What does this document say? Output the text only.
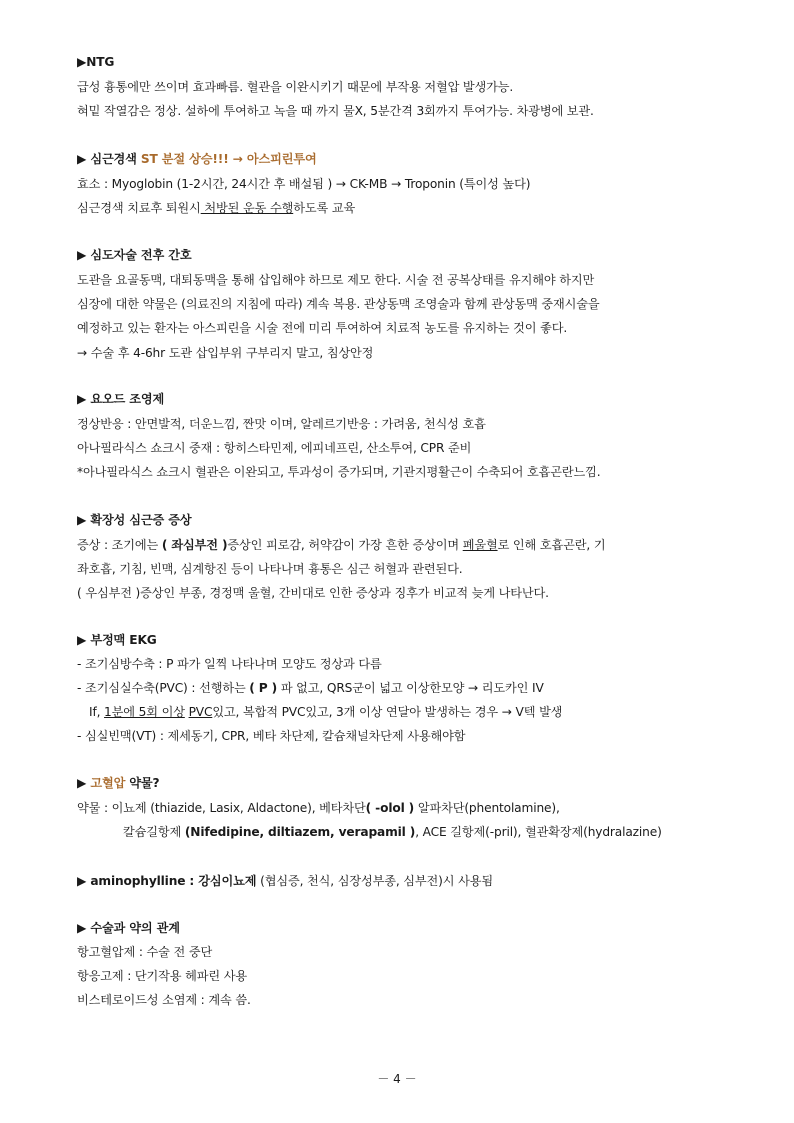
▶NTG
급성 흉통에만 쓰이며 효과빠름. 혈관을 이완시키기 때문에 부작용 저혈압 발생가능.
혀밑 작열감은 정상. 설하에 투여하고 녹을 때 까지 물X, 5분간격 3회까지 투여가능. 차광병에 보관.
▶ 심근경색 ST 분절 상승!!! → 아스피린투여
효소 : Myoglobin (1-2시간, 24시간 후 배설됨 ) → CK-MB → Troponin (특이성 높다)
심근경색 치료후 퇴원시 처방된 운동 수행하도록 교육
▶ 심도자술 전후 간호
도관을 요골동맥, 대퇴동맥을 통해 삽입해야 하므로 제모 한다. 시술 전 공복상태를 유지해야 하지만
심장에 대한 약물은 (의료진의 지침에 따라) 계속 복용. 관상동맥 조영술과 함께 관상동맥 중재시술을
예정하고 있는 환자는 아스피린을 시술 전에 미리 투여하여 치료적 농도를 유지하는 것이 좋다.
→ 수술 후 4-6hr 도관 삽입부위 구부리지 말고, 침상안정
▶ 요오드 조영제
정상반응 : 안면발적, 더운느낌, 짠맛 이며, 알레르기반응 : 가려움, 천식성 호흡
아나필라식스 쇼크시 중재 : 항히스타민제, 에피네프린, 산소투여, CPR 준비
*아나필라식스 쇼크시 혈관은 이완되고, 투과성이 증가되며, 기관지평활근이 수축되어 호흡곤란느낌.
▶ 확장성 심근증 증상
증상 : 조기에는 ( 좌심부전 )증상인 피로감, 허약감이 가장 흔한 증상이며 폐울혈로 인해 호흡곤란, 기
좌호흡, 기침, 빈맥, 심계항진 등이 나타나며 흉통은 심근 허혈과 관련된다.
( 우심부전 )증상인 부종, 경정맥 울혈, 간비대로 인한 증상과 징후가 비교적 늦게 나타난다.
▶ 부정맥 EKG
- 조기심방수축 : P 파가 일찍 나타나며 모양도 정상과 다름
- 조기심실수축(PVC) : 선행하는 ( P ) 파 없고, QRS군이 넓고 이상한모양 → 리도카인 IV
If, 1분에 5회 이상 PVC있고, 복합적 PVC있고, 3개 이상 연달아 발생하는 경우 → V텍 발생
- 심실빈맥(VT) : 제세동기, CPR, 베타 차단제, 칼슘채널차단제 사용해야함
▶ 고혈압 약물?
약물 : 이뇨제 (thiazide, Lasix, Aldactone), 베타차단( -olol ) 알파차단(phentolamine),
칼슘길항제 (Nifedipine, diltiazem, verapamil ), ACE 길항제(-pril), 혈관확장제(hydralazine)
▶ aminophylline : 강심이뇨제 (협심증, 천식, 심장성부종, 심부전)시 사용됨
▶ 수술과 약의 관계
항고혈압제 : 수술 전 중단
항응고제 : 단기작용 헤파린 사용
비스테로이드성 소염제 : 계속 씀.
－ 4 －
